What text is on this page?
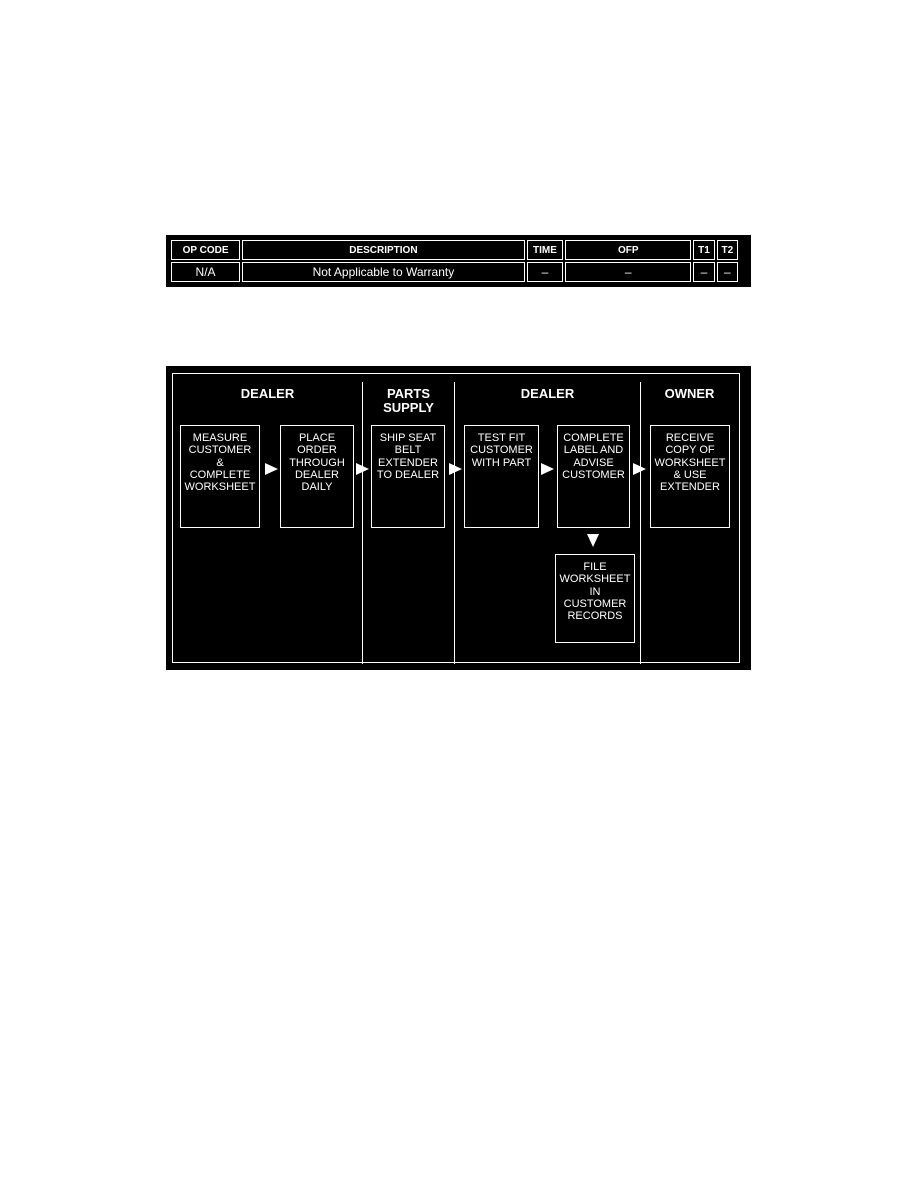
OP CODE	DESCRIPTION	TIME	OFP	T1	T2
N/A	Not Applicable to Warranty	–	–	–	–
DEALER	PARTS
SUPPLY
DEALER	OWNER
MEASURE
CUSTOMER
&
COMPLETE
WORKSHEET
PLACE
ORDER
THROUGH
DEALER
DAILY
SHIP SEAT
BELT
EXTENDER
TO DEALER
TEST FIT
CUSTOMER
WITH PART
COMPLETE
LABEL AND
ADVISE
CUSTOMER
RECEIVE
COPY OF
WORKSHEET
& USE
EXTENDER
FILE
WORKSHEET
IN
CUSTOMER
RECORDS
